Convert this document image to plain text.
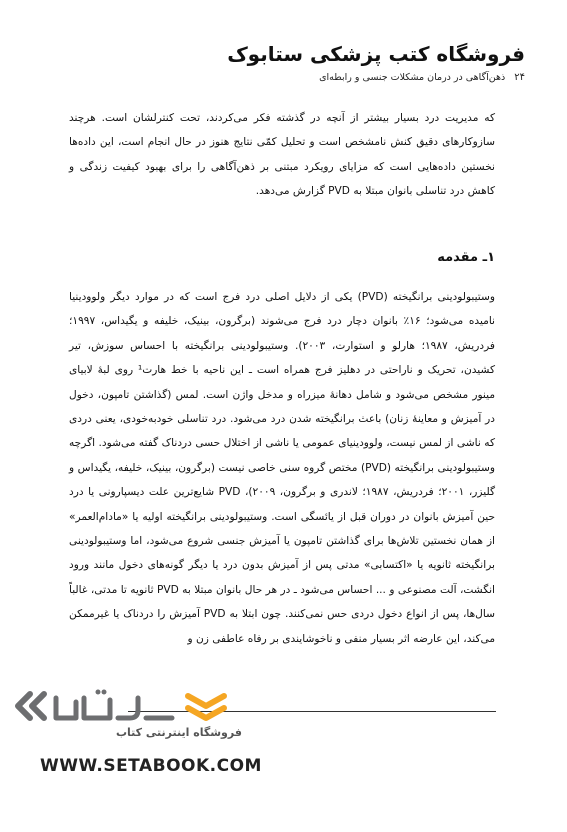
فروشگاه کتب پزشکی ستابوک
۲۴ ذهن‌آگاهی در درمان مشکلات جنسی و رابطه‌ای
که مدیریت درد بسیار بیشتر از آنچه در گذشته فکر می‌کردند، تحت کنترلشان است. هرچند سازوکارهای دقیق کنش نامشخص است و تحلیل کمّی نتایج هنوز در حال انجام است، این داده‌ها نخستین داده‌هایی است که مزایای رویکرد مبتنی بر ذهن‌آگاهی را برای بهبود کیفیت زندگی و کاهش درد تناسلی بانوان مبتلا به PVD گزارش می‌دهد.
۱ـ مقدمه
وستیبولودینی برانگیخته (PVD) یکی از دلایل اصلی درد فرج است که در موارد دیگر ولوودینیا نامیده می‌شود؛ ۱۶٪ بانوان دچار درد فرج می‌شوند (برگرون، بینیک، خلیفه و یگیداس، ۱۹۹۷؛ فردریش، ۱۹۸۷؛ هارلو و استوارت، ۲۰۰۳). وستیبولودینی برانگیخته با احساس سوزش، تیر کشیدن، تحریک و ناراحتی در دهلیز فرج همراه است ـ این ناحیه با خط هارت¹ روی لبهٔ لابیای مینور مشخص می‌شود و شامل دهانهٔ میزراه و مدخل واژن است. لمس (گذاشتن تامپون، دخول در آمیزش و معاینهٔ زنان) باعث برانگیخته شدن درد می‌شود. درد تناسلی خودبه‌خودی، یعنی دردی که ناشی از لمس نیست، ولوودینیای عمومی یا ناشی از اختلال حسی دردناک گفته می‌شود. اگرچه وستیبولودینی برانگیخته (PVD) مختص گروه سنی خاصی نیست (برگرون، بینیک، خلیفه، یگیداس و گلیزر، ۲۰۰۱؛ فردریش، ۱۹۸۷؛ لاندری و برگرون، ۲۰۰۹)، PVD شایع‌ترین علت دیسپارونی یا درد حین آمیزش بانوان در دوران قبل از یائسگی است. وستیبولودینی برانگیخته اولیه یا «مادام‌العمر» از همان نخستین تلاش‌ها برای گذاشتن تامپون یا آمیزش جنسی شروع می‌شود، اما وستیبولودینی برانگیخته ثانویه یا «اکتسابی» مدتی پس از آمیزش بدون درد یا دیگر گونه‌های دخول مانند ورود انگشت، آلت مصنوعی و ... احساس می‌شود ـ در هر حال بانوان مبتلا به PVD ثانویه تا مدتی، غالباً سال‌ها، پس از انواع دخول دردی حس نمی‌کنند. چون ابتلا به PVD آمیزش را دردناک یا غیرممکن می‌کند، این عارضه اثر بسیار منفی و ناخوشایندی بر رفاه عاطفی زن و
فروشگاه اینترنتی کتاب
WWW.SETABOOK.COM
